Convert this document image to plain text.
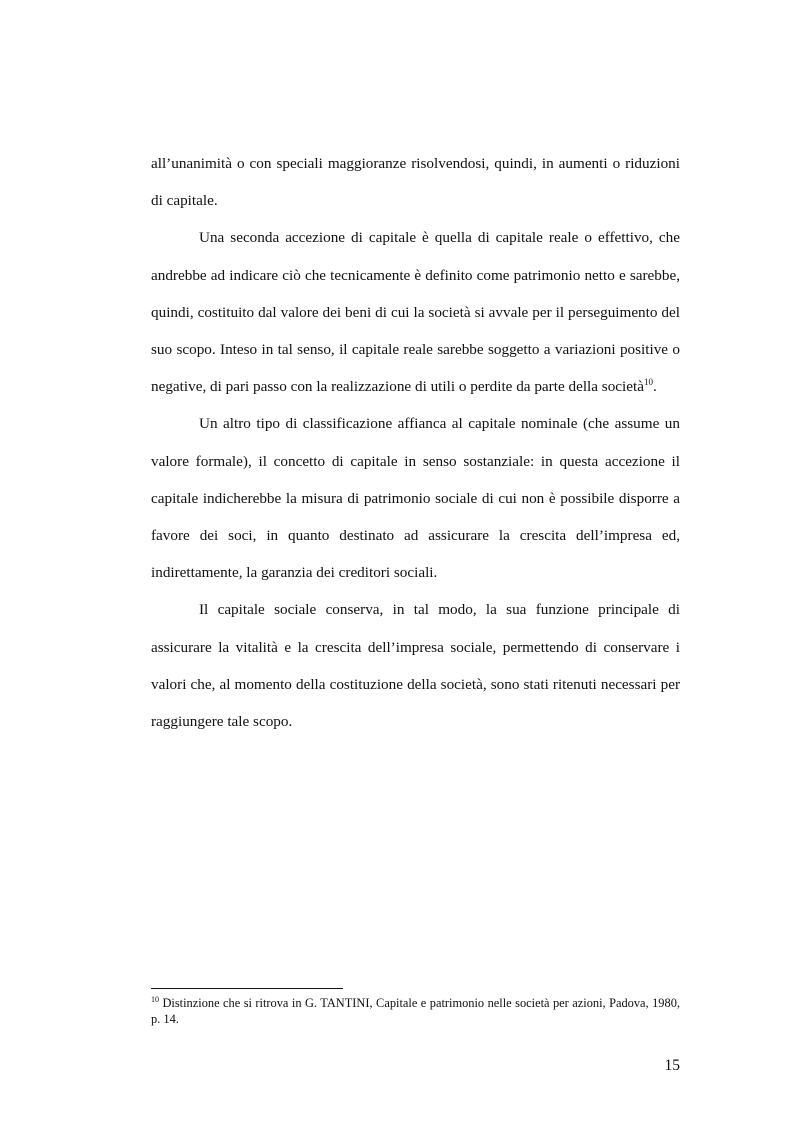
all’unanimità o con speciali maggioranze risolvendosi, quindi, in aumenti o riduzioni di capitale.

Una seconda accezione di capitale è quella di capitale reale o effettivo, che andrebbe ad indicare ciò che tecnicamente è definito come patrimonio netto e sarebbe, quindi, costituito dal valore dei beni di cui la società si avvale per il perseguimento del suo scopo. Inteso in tal senso, il capitale reale sarebbe soggetto a variazioni positive o negative, di pari passo con la realizzazione di utili o perdite da parte della società$^{10}$.

Un altro tipo di classificazione affianca al capitale nominale (che assume un valore formale), il concetto di capitale in senso sostanziale: in questa accezione il capitale indicherebbe la misura di patrimonio sociale di cui non è possibile disporre a favore dei soci, in quanto destinato ad assicurare la crescita dell’impresa ed, indirettamente, la garanzia dei creditori sociali.

Il capitale sociale conserva, in tal modo, la sua funzione principale di assicurare la vitalità e la crescita dell’impresa sociale, permettendo di conservare i valori che, al momento della costituzione della società, sono stati ritenuti necessari per raggiungere tale scopo.

$^{10}$ Distinzione che si ritrova in G. TANTINI, Capitale e patrimonio nelle società per azioni, Padova, 1980, p. 14.

15
